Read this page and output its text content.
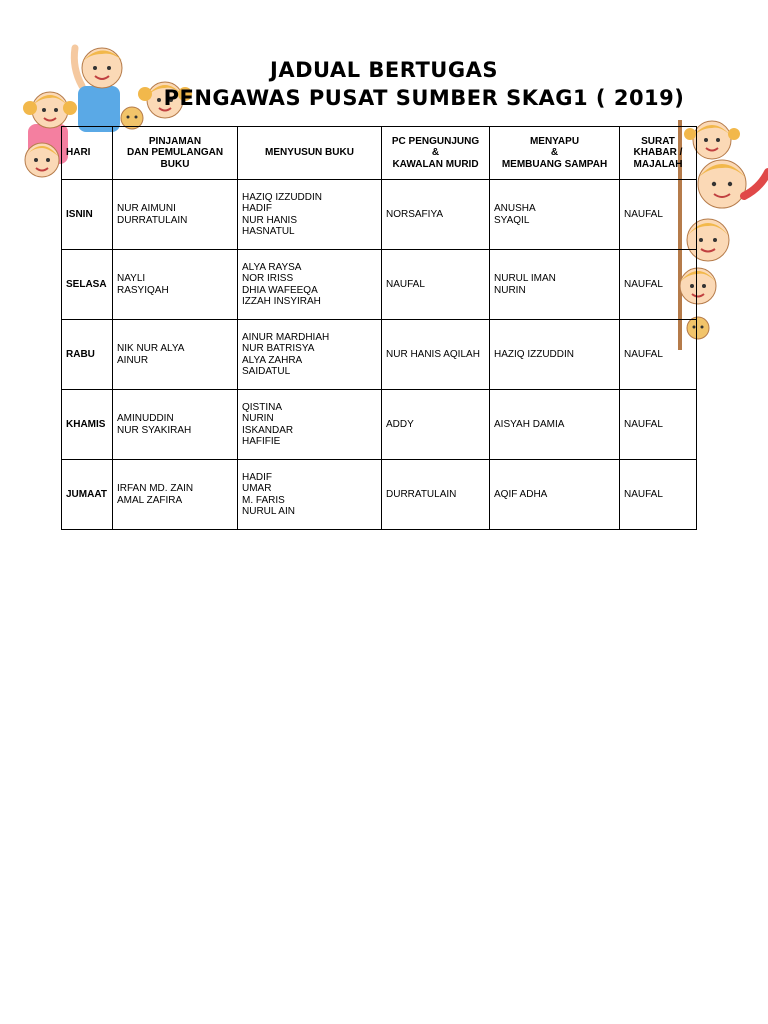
JADUAL BERTUGAS
PENGAWAS PUSAT SUMBER SKAG1 ( 2019)
HARI	PINJAMAN
DAN PEMULANGAN
BUKU	MENYUSUN BUKU	PC PENGUNJUNG
&
KAWALAN MURID	MENYAPU
&
MEMBUANG SAMPAH	SURAT
KHABAR /
MAJALAH

ISNIN	NUR AIMUNI
DURRATULAIN	HAZIQ IZZUDDIN
HADIF
NUR HANIS
HASNATUL	NORSAFIYA	ANUSHA
SYAQIL	NAUFAL

SELASA	NAYLI
RASYIQAH	ALYA RAYSA
NOR IRISS
DHIA WAFEEQA
IZZAH INSYIRAH	NAUFAL	NURUL IMAN
NURIN	NAUFAL

RABU	NIK NUR ALYA
AINUR	AINUR MARDHIAH
NUR BATRISYA
ALYA ZAHRA
SAIDATUL	NUR HANIS AQILAH	HAZIQ IZZUDDIN	NAUFAL

KHAMIS	AMINUDDIN
NUR SYAKIRAH	QISTINA
NURIN
ISKANDAR
HAFIFIE	ADDY	AISYAH DAMIA	NAUFAL

JUMAAT	IRFAN MD. ZAIN
AMAL ZAFIRA	HADIF
UMAR
M. FARIS
NURUL AIN	DURRATULAIN	AQIF ADHA	NAUFAL
